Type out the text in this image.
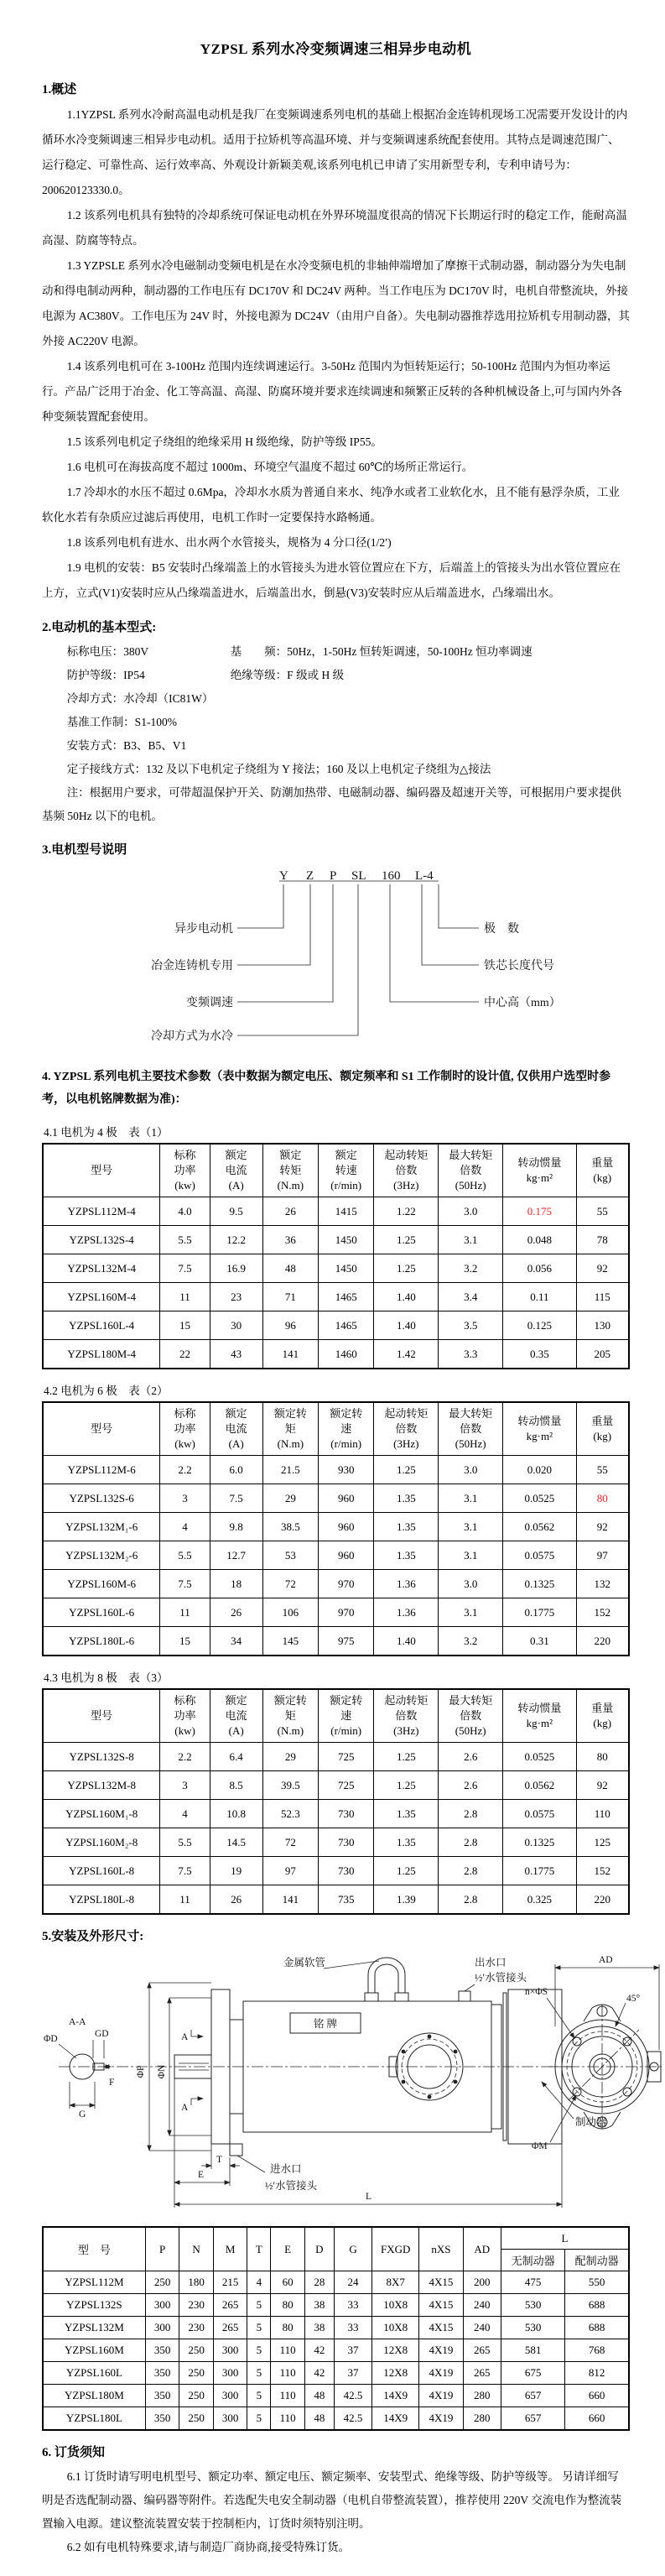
YZPSL 系列水冷变频调速三相异步电动机
1.概述

1.1YZPSL 系列水冷耐高温电动机是我厂在变频调速系列电机的基础上根据冶金连铸机现场工况需要开发设计的内循环水冷变频调速三相异步电动机。适用于拉矫机等高温环境、并与变频调速系统配套使用。其特点是调速范围广、运行稳定、可靠性高、运行效率高、外观设计新颖美观,该系列电机已申请了实用新型专利，专利申请号为：200620123330.0。

1.2 该系列电机具有独特的冷却系统可保证电动机在外界环境温度很高的情况下长期运行时的稳定工作，能耐高温高湿、防腐等特点。

1.3 YZPSLE 系列水冷电磁制动变频电机是在水冷变频电机的非轴伸端增加了摩擦干式制动器，制动器分为失电制动和得电制动两种，制动器的工作电压有 DC170V 和 DC24V 两种。当工作电压为 DC170V 时，电机自带整流块，外接电源为 AC380V。工作电压为 24V 时，外接电源为 DC24V（由用户自备）。失电制动器推荐选用拉矫机专用制动器，其外接 AC220V 电源。

1.4 该系列电机可在 3-100Hz 范围内连续调速运行。3-50Hz 范围内为恒转矩运行；50-100Hz 范围内为恒功率运行。产品广泛用于冶金、化工等高温、高湿、防腐环境并要求连续调速和频繁正反转的各种机械设备上,可与国内外各种变频装置配套使用。

1.5 该系列电机定子绕组的绝缘采用 H 级绝缘，防护等级 IP55。

1.6 电机可在海拔高度不超过 1000m、环境空气温度不超过 60℃的场所正常运行。

1.7 冷却水的水压不超过 0.6Mpa，冷却水水质为普通自来水、纯净水或者工业软化水，且不能有悬浮杂质，工业软化水若有杂质应过滤后再使用，电机工作时一定要保持水路畅通。

1.8 该系列电机有进水、出水两个水管接头，规格为 4 分口径(1/2′)

1.9 电机的安装：B5 安装时凸缘端盖上的水管接头为进水管位置应在下方，后端盖上的管接头为出水管位置应在上方，立式(V1)安装时应从凸缘端盖进水，后端盖出水，倒悬(V3)安装时应从后端盖进水，凸缘端出水。

2.电动机的基本型式:
标称电压：380V	基　　频：50Hz，1-50Hz 恒转矩调速，50-100Hz 恒功率调速
防护等级：IP54	绝缘等级：F 级或 H 级
冷却方式：水冷却（IC81W）
基准工作制：S1-100%
安装方式：B3、B5、V1
定子接线方式：132 及以下电机定子绕组为 Y 接法；160 及以上电机定子绕组为△接法

注：根据用户要求，可带超温保护开关、防潮加热带、电磁制动器、编码器及超速开关等，可根据用户要求提供基频 50Hz 以下的电机。

3.电机型号说明
Y Z P SL 160 L-4
异步电动机
冶金连铸机专用
变频调速
冷却方式为水冷
极　数
铁芯长度代号
中心高（mm）

4. YZPSL 系列电机主要技术参数（表中数据为额定电压、额定频率和 S1 工作制时的设计值, 仅供用户选型时参考，以电机铭牌数据为准)：

4.1 电机为 4 极　表（1）
型号	标称
功率
(kw)	额定
电流
(A)	额定
转矩
(N.m)	额定
转速
(r/min)	起动转矩
倍数
(3Hz)	最大转矩
倍数
(50Hz)	转动惯量
kg·m²	重量
(kg)
YZPSL112M-4	4.0	9.5	26	1415	1.22	3.0	0.175	55
YZPSL132S-4	5.5	12.2	36	1450	1.25	3.1	0.048	78
YZPSL132M-4	7.5	16.9	48	1450	1.25	3.2	0.056	92
YZPSL160M-4	11	23	71	1465	1.40	3.4	0.11	115
YZPSL160L-4	15	30	96	1465	1.40	3.5	0.125	130
YZPSL180M-4	22	43	141	1460	1.42	3.3	0.35	205
4.2 电机为 6 极　表（2）
型号	标称
功率
(kw)	额定
电流
(A)	额定转
矩
(N.m)	额定转
速
(r/min)	起动转矩
倍数
(3Hz)	最大转矩
倍数
(50Hz)	转动惯量
kg·m²	重量
(kg)
YZPSL112M-6	2.2	6.0	21.5	930	1.25	3.0	0.020	55
YZPSL132S-6	3	7.5	29	960	1.35	3.1	0.0525	80
YZPSL132M₁-6	4	9.8	38.5	960	1.35	3.1	0.0562	92
YZPSL132M₂-6	5.5	12.7	53	960	1.35	3.1	0.0575	97
YZPSL160M-6	7.5	18	72	970	1.36	3.0	0.1325	132
YZPSL160L-6	11	26	106	970	1.36	3.1	0.1775	152
YZPSL180L-6	15	34	145	975	1.40	3.2	0.31	220
4.3 电机为 8 极　表（3）
型号	标称
功率
(kw)	额定
电流
(A)	额定转
矩
(N.m)	额定转
速
(r/min)	起动转矩
倍数
(3Hz)	最大转矩
倍数
(50Hz)	转动惯量
kg·m²	重量
(kg)
YZPSL132S-8	2.2	6.4	29	725	1.25	2.6	0.0525	80
YZPSL132M-8	3	8.5	39.5	725	1.25	2.6	0.0562	92
YZPSL160M₁-8	4	10.8	52.3	730	1.35	2.8	0.0575	110
YZPSL160M₂-8	5.5	14.5	72	730	1.35	2.8	0.1325	125
YZPSL160L-8	7.5	19	97	730	1.25	2.8	0.1775	152
YZPSL180L-8	11	26	141	735	1.39	2.8	0.325	220
5.安装及外形尺寸:
A-A
ΦD	GD
F
G
ΦP ΦN
A
A
铭 牌
金属软管	出水口
½′水管接头
制动器
进水口
½′水管接头
T
E
L
45°
n×ΦS
ΦM
AD
型　号	P	N	M	T	E	D	G	FXGD	nXS	AD	L	
											无制动器	配制动器
YZPSL112M	250	180	215	4	60	28	24	8X7	4X15	200	475	550
YZPSL132S	300	230	265	5	80	38	33	10X8	4X15	240	530	688
YZPSL132M	300	230	265	5	80	38	33	10X8	4X15	240	530	688
YZPSL160M	350	250	300	5	110	42	37	12X8	4X19	265	581	768
YZPSL160L	350	250	300	5	110	42	37	12X8	4X19	265	675	812
YZPSL180M	350	250	300	5	110	48	42.5	14X9	4X19	280	657	660
YZPSL180L	350	250	300	5	110	48	42.5	14X9	4X19	280	657	660
6. 订货须知

6.1 订货时请写明电机型号、额定功率、额定电压、额定频率、安装型式、绝缘等级、防护等级等。 另请详细写明是否选配制动器、编码器等附件。若选配失电安全制动器（电机自带整流装置），推荐使用 220V 交流电作为整流装置输入电源。建议整流装置安装于控制柜内，订货时须特别注明。

6.2 如有电机特殊要求,请与制造厂商协商,接受特殊订货。
